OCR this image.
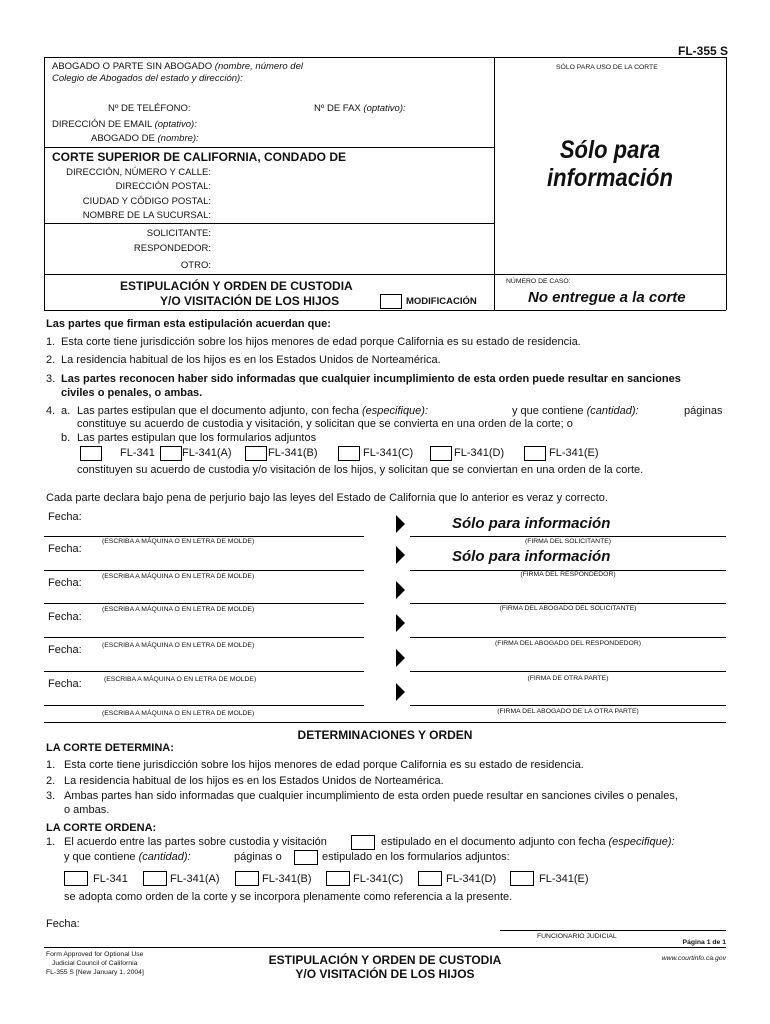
FL-355 S
ABOGADO O PARTE SIN ABOGADO (nombre, número del
Colegio de Abogados del estado y dirección):
SÓLO PARA USO DE LA CORTE
Nº DE TELÉFONO:	Nº DE FAX (optativo):
DIRECCIÓN DE EMAIL (optativo):
ABOGADO DE (nombre):
CORTE SUPERIOR DE CALIFORNIA, CONDADO DE
DIRECCIÓN, NÚMERO Y CALLE:
DIRECCIÓN POSTAL:
CIUDAD Y CÓDIGO POSTAL:
NOMBRE DE LA SUCURSAL:
SOLICITANTE:
RESPONDEDOR:
OTRO:
Sólo para
información
ESTIPULACIÓN Y ORDEN DE CUSTODIA
Y/O VISITACIÓN DE LOS HIJOS	MODIFICACIÓN
NÚMERO DE CASO:
No entregue a la corte
Las partes que firman esta estipulación acuerdan que:
1. Esta corte tiene jurisdicción sobre los hijos menores de edad porque California es su estado de residencia.
2. La residencia habitual de los hijos es en los Estados Unidos de Norteamérica.
3. Las partes reconocen haber sido informadas que cualquier incumplimiento de esta orden puede resultar en sanciones
civiles o penales, o ambas.
4. a. Las partes estipulan que el documento adjunto, con fecha (especifique):	y que contiene (cantidad):	páginas
constituye su acuerdo de custodia y visitación, y solicitan que se convierta en una orden de la corte; o
b. Las partes estipulan que los formularios adjuntos
FL-341 FL-341(A)	FL-341(B)	FL-341(C)	FL-341(D)	FL-341(E)
constituyen su acuerdo de custodia y/o visitación de los hijos, y solicitan que se conviertan en una orden de la corte.
Cada parte declara bajo pena de perjurio bajo las leyes del Estado de California que lo anterior es veraz y correcto.
Fecha:	Sólo para información
(FIRMA DEL SOLICITANTE)
(ESCRIBA A MÁQUINA O EN LETRA DE MOLDE)
Fecha:	Sólo para información
(FIRMA DEL RESPONDEDOR)
(ESCRIBA A MÁQUINA O EN LETRA DE MOLDE)
Fecha:
(FIRMA DEL ABOGADO DEL SOLICITANTE)
(ESCRIBA A MÁQUINA O EN LETRA DE MOLDE)
Fecha:
(FIRMA DEL ABOGADO DEL RESPONDEDOR)
(ESCRIBA A MÁQUINA O EN LETRA DE MOLDE)
Fecha:
(FIRMA DE OTRA PARTE)
(ESCRIBA A MÁQUINA O EN LETRA DE MOLDE)
Fecha:
(FIRMA DEL ABOGADO DE LA OTRA PARTE)
(ESCRIBA A MÁQUINA O EN LETRA DE MOLDE)
DETERMINACIONES Y ORDEN
LA CORTE DETERMINA:
1. Esta corte tiene jurisdicción sobre los hijos menores de edad porque California es su estado de residencia.
2. La residencia habitual de los hijos es en los Estados Unidos de Norteamérica.
3. Ambas partes han sido informadas que cualquier incumplimiento de esta orden puede resultar en sanciones civiles o penales,
o ambas.
LA CORTE ORDENA:
1. El acuerdo entre las partes sobre custodia y visitación	estipulado en el documento adjunto con fecha (especifique):
y que contiene (cantidad):	páginas o	estipulado en los formularios adjuntos:
FL-341	FL-341(A)	FL-341(B)	FL-341(C)	FL-341(D)	FL-341(E)
se adopta como orden de la corte y se incorpora plenamente como referencia a la presente.
Fecha:
FUNCIONARIO JUDICIAL
Form Approved for Optional Use
Judicial Council of California
FL-355 S [New January 1, 2004]
ESTIPULACIÓN Y ORDEN DE CUSTODIA
Y/O VISITACIÓN DE LOS HIJOS
Página 1 de 1
www.courtinfo.ca.gov
